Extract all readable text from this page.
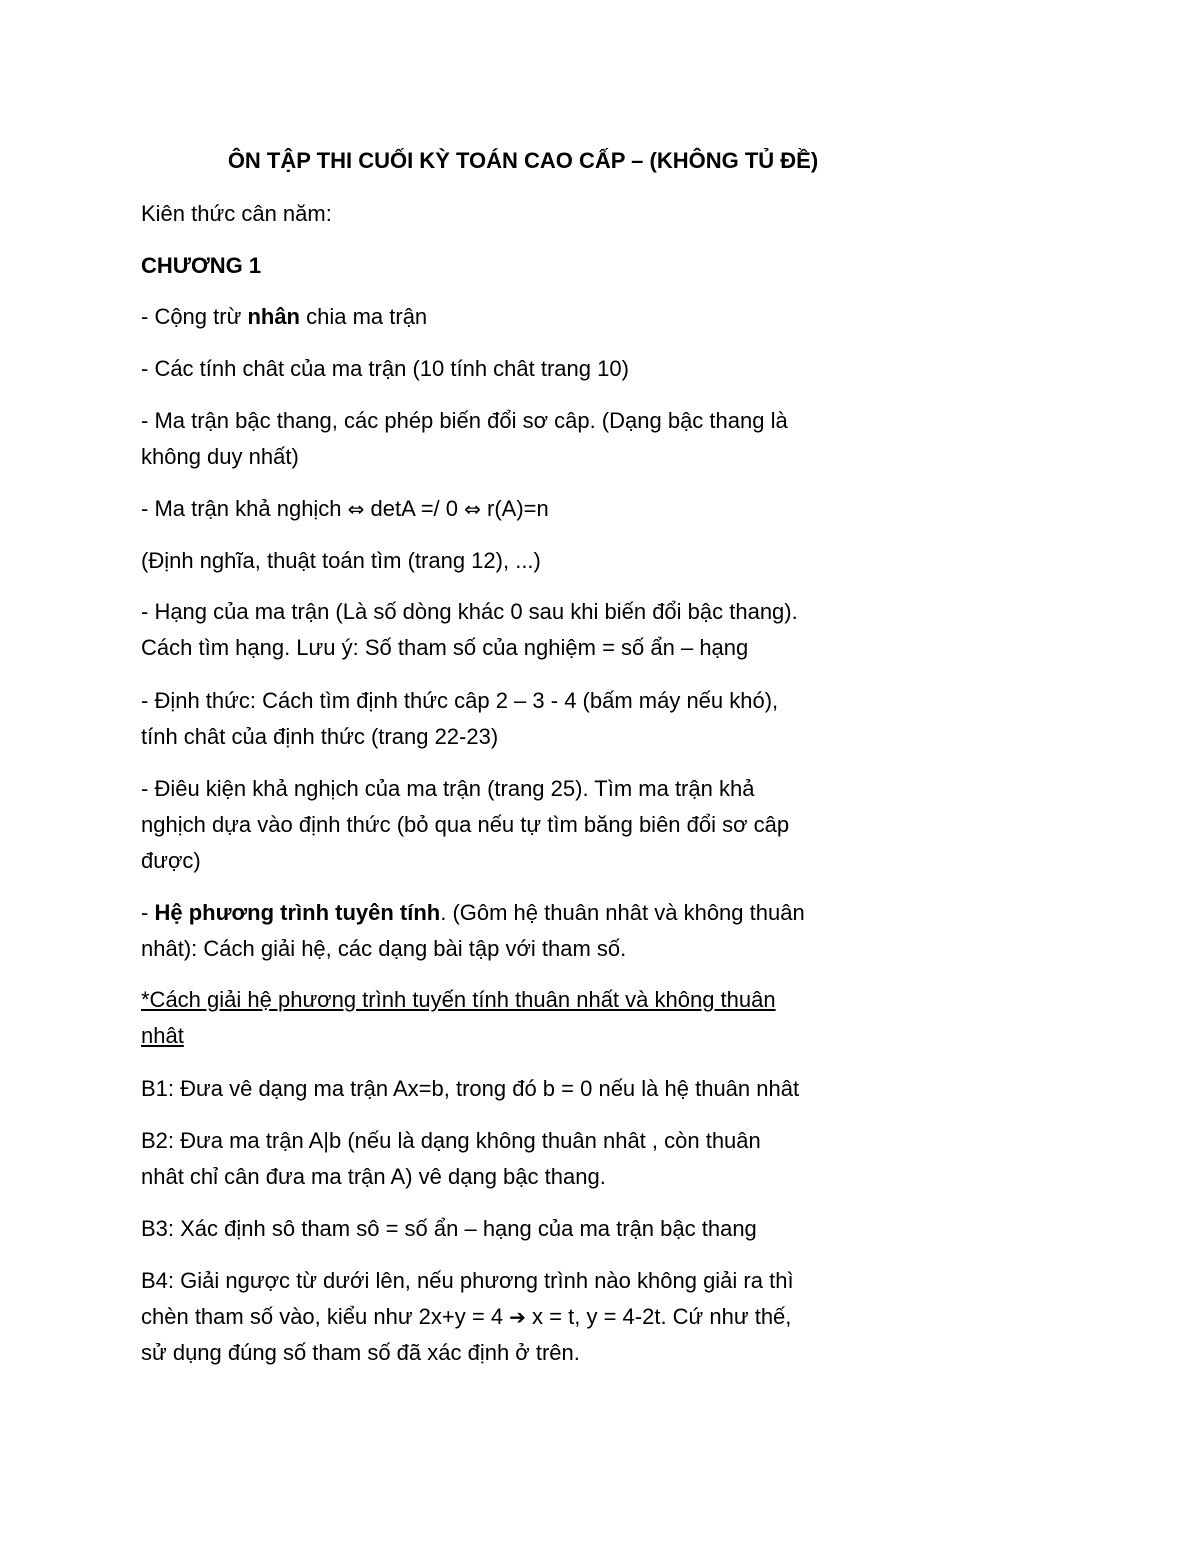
ÔN TẬP THI CUỐI KỲ TOÁN CAO CẤP – (KHÔNG TỦ ĐỀ)
Kiên thức cân năm:
CHƯƠNG 1
- Cộng trừ nhân chia ma trận
- Các tính chât của ma trận (10 tính chât trang 10)
- Ma trận bậc thang, các phép biến đổi sơ câp. (Dạng bậc thang là
không duy nhất)
- Ma trận khả nghịch ⇔ detA =/ 0 ⇔ r(A)=n
(Định nghĩa, thuật toán tìm (trang 12), ...)
- Hạng của ma trận (Là số dòng khác 0 sau khi biến đổi bậc thang).
Cách tìm hạng. Lưu ý: Số tham số của nghiệm = số ẩn – hạng
- Định thức: Cách tìm định thức câp 2 – 3 - 4 (bấm máy nếu khó),
tính chât của định thức (trang 22-23)
- Điêu kiện khả nghịch của ma trận (trang 25). Tìm ma trận khả
nghịch dựa vào định thức (bỏ qua nếu tự tìm băng biên đổi sơ câp
được)
- Hệ phương trình tuyên tính. (Gôm hệ thuân nhât và không thuân
nhât): Cách giải hệ, các dạng bài tập với tham số.
*Cách giải hệ phương trình tuyến tính thuân nhất và không thuân
nhât
B1: Đưa vê dạng ma trận Ax=b, trong đó b = 0 nếu là hệ thuân nhât
B2: Đưa ma trận A|b (nếu là dạng không thuân nhât , còn thuân
nhât chỉ cân đưa ma trận A) vê dạng bậc thang.
B3: Xác định sô tham sô = số ẩn – hạng của ma trận bậc thang
B4: Giải ngược từ dưới lên, nếu phương trình nào không giải ra thì
chèn tham số vào, kiểu như 2x+y = 4 ➔ x = t, y = 4-2t. Cứ như thế,
sử dụng đúng số tham số đã xác định ở trên.
